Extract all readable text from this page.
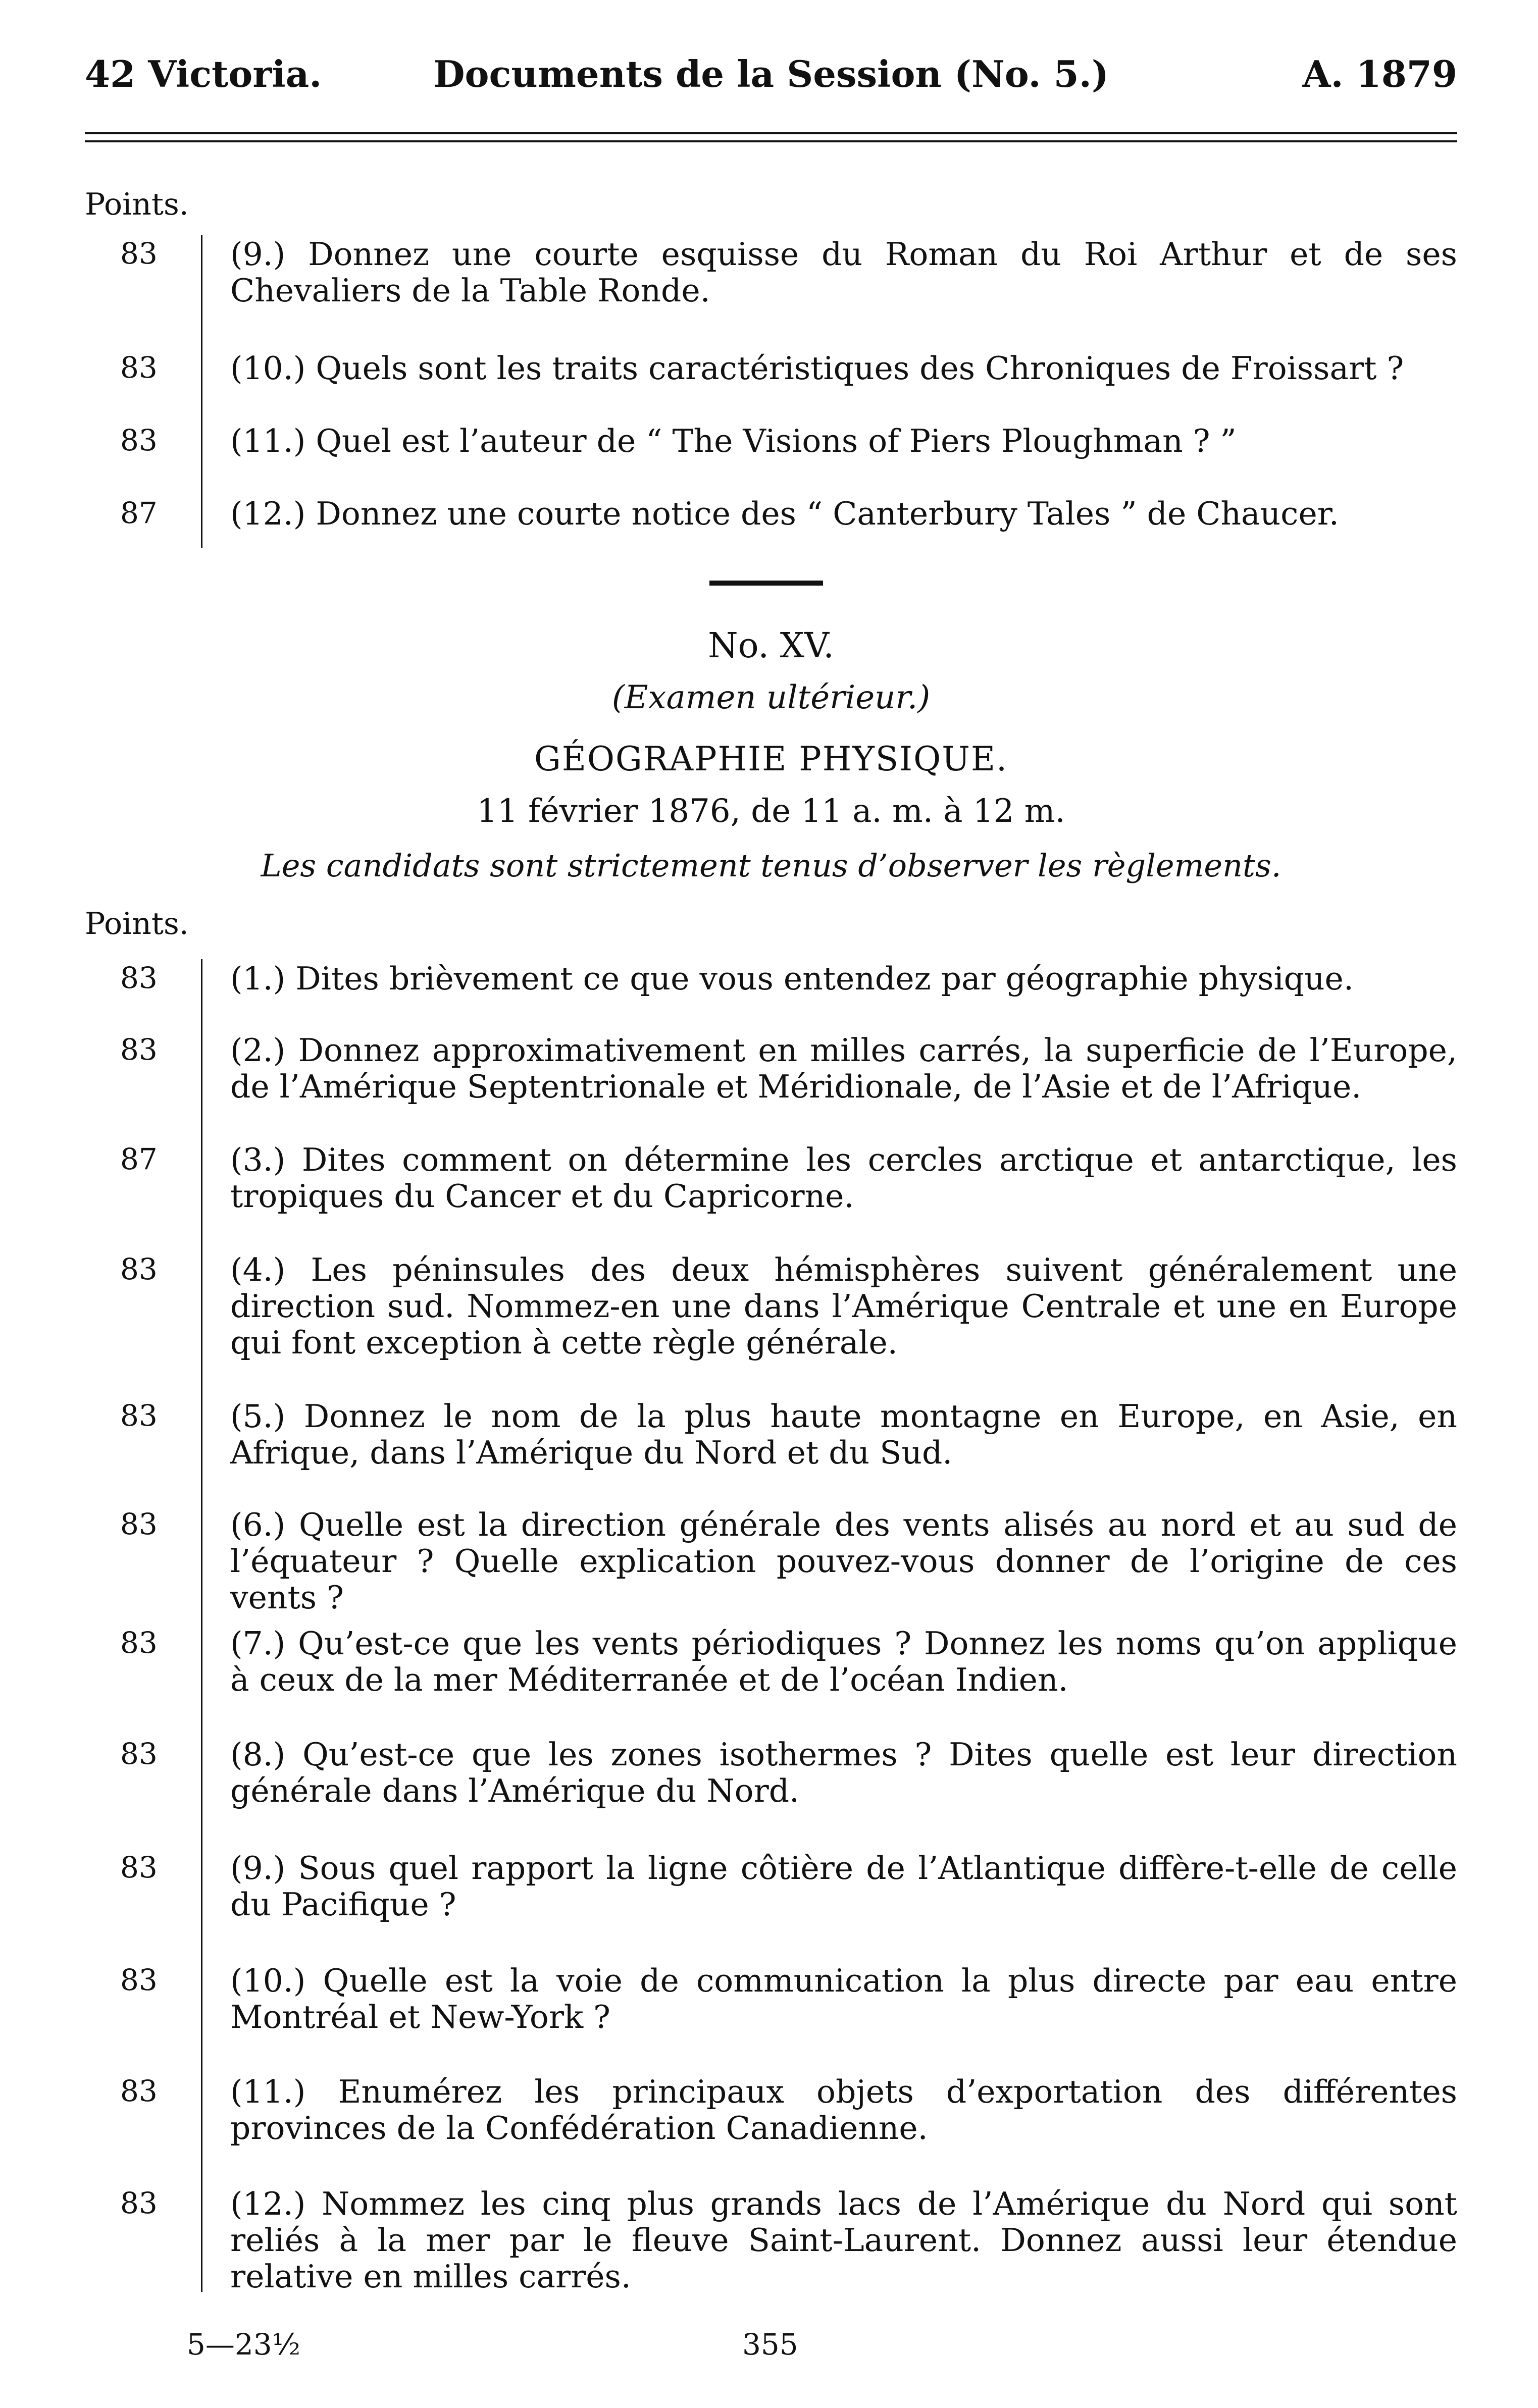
42 Victoria.	Documents de la Session (No. 5.)	A. 1879
Points.
83	(9.) Donnez une courte esquisse du Roman du Roi Arthur et de ses Chevaliers de la Table Ronde.
83	(10.) Quels sont les traits caractéristiques des Chroniques de Froissart ?
83	(11.) Quel est l’auteur de “ The Visions of Piers Ploughman ? ”
87	(12.) Donnez une courte notice des “ Canterbury Tales ” de Chaucer.
No. XV.
(Examen ultérieur.)
GÉOGRAPHIE PHYSIQUE.
11 février 1876, de 11 a. m. à 12 m.
Les candidats sont strictement tenus d’observer les règlements.
Points.
83	(1.) Dites brièvement ce que vous entendez par géographie physique.
83	(2.) Donnez approximativement en milles carrés, la superficie de l’Europe, de l’Amérique Septentrionale et Méridionale, de l’Asie et de l’Afrique.
87	(3.) Dites comment on détermine les cercles arctique et antarctique, les tropiques du Cancer et du Capricorne.
83	(4.) Les péninsules des deux hémisphères suivent généralement une direction sud. Nommez-en une dans l’Amérique Centrale et une en Europe qui font exception à cette règle générale.
83	(5.) Donnez le nom de la plus haute montagne en Europe, en Asie, en Afrique, dans l’Amérique du Nord et du Sud.
83	(6.) Quelle est la direction générale des vents alisés au nord et au sud de l’équateur ? Quelle explication pouvez-vous donner de l’origine de ces vents ?
83	(7.) Qu’est-ce que les vents périodiques ? Donnez les noms qu’on applique à ceux de la mer Méditerranée et de l’océan Indien.
83	(8.) Qu’est-ce que les zones isothermes ? Dites quelle est leur direction générale dans l’Amérique du Nord.
83	(9.) Sous quel rapport la ligne côtière de l’Atlantique diffère-t-elle de celle du Pacifique ?
83	(10.) Quelle est la voie de communication la plus directe par eau entre Montréal et New-York ?
83	(11.) Enumérez les principaux objets d’exportation des différentes provinces de la Confédération Canadienne.
83	(12.) Nommez les cinq plus grands lacs de l’Amérique du Nord qui sont reliés à la mer par le fleuve Saint-Laurent. Donnez aussi leur étendue relative en milles carrés.
5—23½	355
